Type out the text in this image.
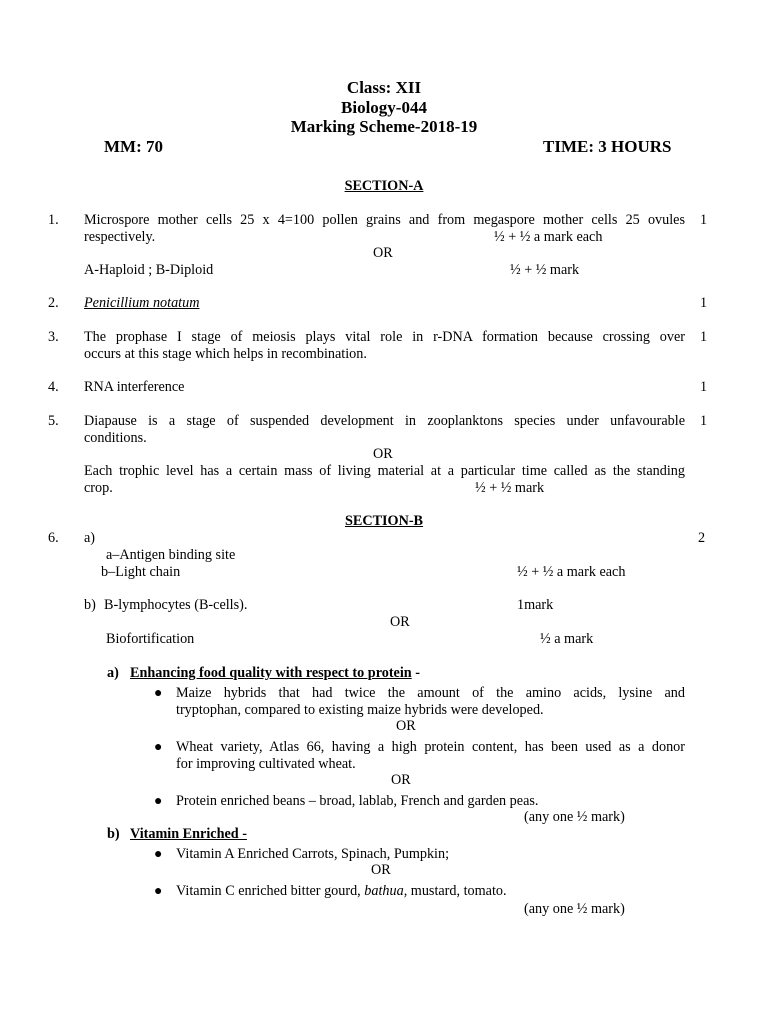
Class: XII
Biology-044
Marking Scheme-2018-19
MM: 70	TIME: 3 HOURS
SECTION-A
1. Microspore mother cells 25 x 4=100 pollen grains and from megaspore mother cells 25 ovules 1
respectively.	½ + ½ a mark each
OR
A-Haploid ; B-Diploid	½ + ½ mark
2. Penicillium notatum	1
3. The prophase I stage of meiosis plays vital role in r-DNA formation because crossing over 1
occurs at this stage which helps in recombination.
4. RNA interference	1
5. Diapause is a stage of suspended development in zooplanktons species under unfavourable 1
conditions.
OR
Each trophic level has a certain mass of living material at a particular time called as the standing
crop.	½ + ½ mark
SECTION-B
6. a)	2
a–Antigen binding site
b–Light chain	½ + ½ a mark each
b) B-lymphocytes (B-cells).	1mark
OR
Biofortification	½ a mark
a) Enhancing food quality with respect to protein -
● Maize hybrids that had twice the amount of the amino acids, lysine and
tryptophan, compared to existing maize hybrids were developed.
OR
● Wheat variety, Atlas 66, having a high protein content, has been used as a donor
for improving cultivated wheat.
OR
● Protein enriched beans – broad, lablab, French and garden peas.
(any one ½ mark)
b) Vitamin Enriched -
● Vitamin A Enriched Carrots, Spinach, Pumpkin;
OR
● Vitamin C enriched bitter gourd, bathua, mustard, tomato.
(any one ½ mark)
